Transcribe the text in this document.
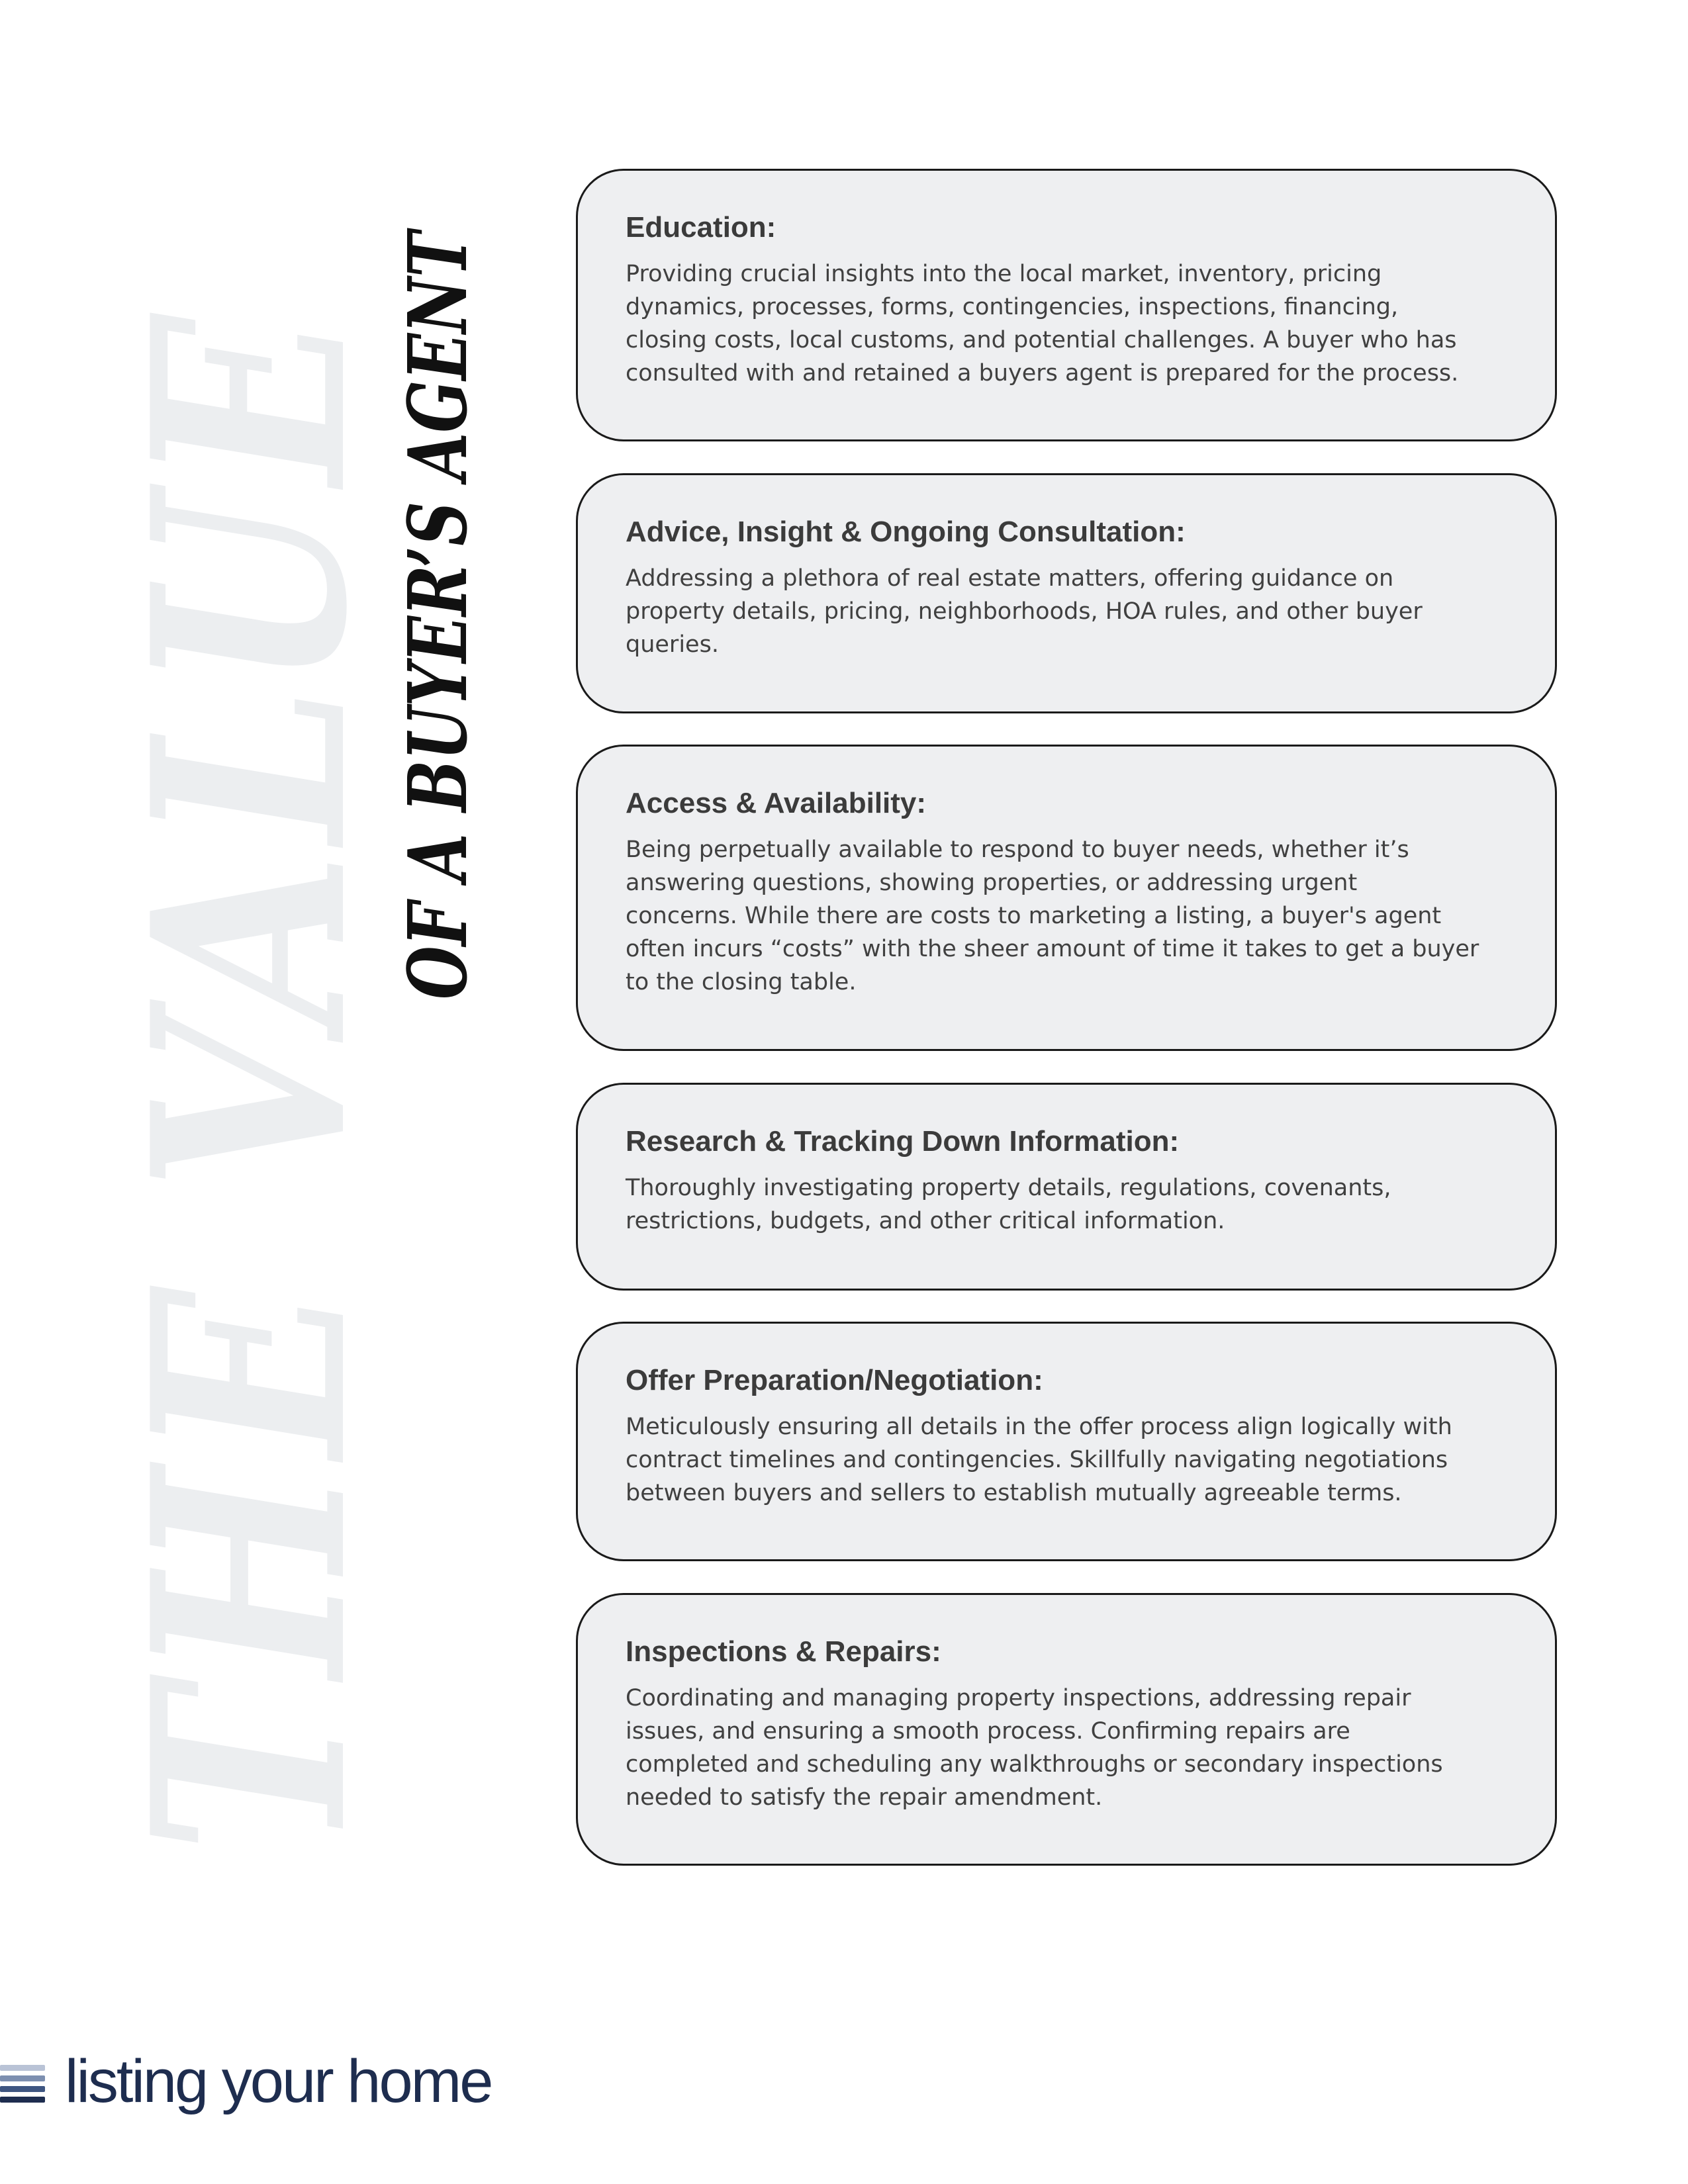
THE VALUE
OF A BUYER’S AGENT
Education:

Providing crucial insights into the local market, inventory, pricing
dynamics, processes, forms, contingencies, inspections, financing,
closing costs, local customs, and potential challenges. A buyer who has
consulted with and retained a buyers agent is prepared for the process.

Advice, Insight & Ongoing Consultation:

Addressing a plethora of real estate matters, offering guidance on
property details, pricing, neighborhoods, HOA rules, and other buyer
queries.

Access & Availability:

Being perpetually available to respond to buyer needs, whether it’s
answering questions, showing properties, or addressing urgent
concerns. While there are costs to marketing a listing, a buyer's agent
often incurs “costs” with the sheer amount of time it takes to get a buyer
to the closing table.

Research & Tracking Down Information:

Thoroughly investigating property details, regulations, covenants,
restrictions, budgets, and other critical information.

Offer Preparation/Negotiation:

Meticulously ensuring all details in the offer process align logically with
contract timelines and contingencies. Skillfully navigating negotiations
between buyers and sellers to establish mutually agreeable terms.

Inspections & Repairs:

Coordinating and managing property inspections, addressing repair
issues, and ensuring a smooth process. Confirming repairs are
completed and scheduling any walkthroughs or secondary inspections
needed to satisfy the repair amendment.

listing your home
